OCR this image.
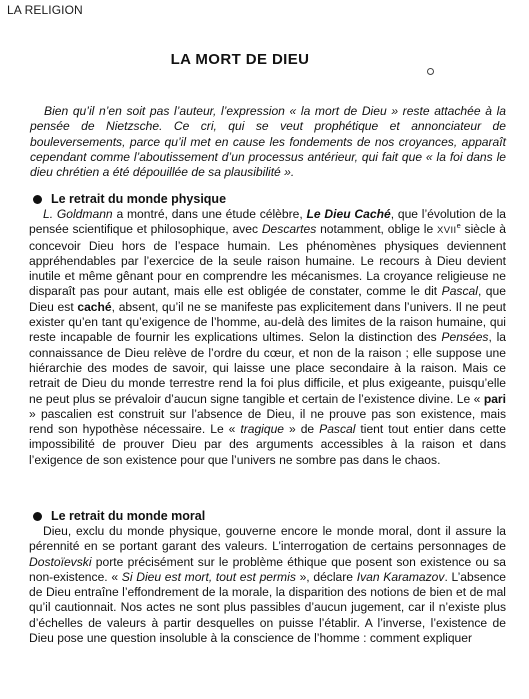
LA RELIGION
LA MORT DE DIEU

Bien qu’il n’en soit pas l’auteur, l’expression « la mort de Dieu » reste attachée à la pensée de Nietzsche. Ce cri, qui se veut prophétique et annonciateur de bouleversements, parce qu’il met en cause les fondements de nos croyances, apparaît cependant comme l’aboutissement d’un processus antérieur, qui fait que « la foi dans le dieu chrétien a été dépouillée de sa plausibilité ».

Le retrait du monde physique

L. Goldmann a montré, dans une étude célèbre, Le Dieu Caché, que l’évolution de la pensée scientifique et philosophique, avec Descartes notamment, oblige le XVIIe siècle à concevoir Dieu hors de l’espace humain. Les phénomènes physiques deviennent appréhendables par l’exercice de la seule raison humaine. Le recours à Dieu devient inutile et même gênant pour en comprendre les mécanismes. La croyance religieuse ne disparaît pas pour autant, mais elle est obligée de constater, comme le dit Pascal, que Dieu est caché, absent, qu’il ne se manifeste pas explicitement dans l’univers. Il ne peut exister qu’en tant qu’exigence de l’homme, au-delà des limites de la raison humaine, qui reste incapable de fournir les explications ultimes. Selon la distinction des Pensées, la connaissance de Dieu relève de l’ordre du cœur, et non de la raison ; elle suppose une hiérarchie des modes de savoir, qui laisse une place secondaire à la raison. Mais ce retrait de Dieu du monde terrestre rend la foi plus difficile, et plus exigeante, puisqu’elle ne peut plus se prévaloir d’aucun signe tangible et certain de l’existence divine. Le « pari » pascalien est construit sur l’absence de Dieu, il ne prouve pas son existence, mais rend son hypothèse nécessaire. Le « tragique » de Pascal tient tout entier dans cette impossibilité de prouver Dieu par des arguments accessibles à la raison et dans l’exigence de son existence pour que l’univers ne sombre pas dans le chaos.

Le retrait du monde moral

Dieu, exclu du monde physique, gouverne encore le monde moral, dont il assure la pérennité en se portant garant des valeurs. L’interrogation de certains personnages de Dostoïevski porte précisément sur le problème éthique que posent son existence ou sa non-existence. « Si Dieu est mort, tout est permis », déclare Ivan Karamazov. L’absence de Dieu entraîne l’effondrement de la morale, la disparition des notions de bien et de mal qu’il cautionnait. Nos actes ne sont plus passibles d’aucun jugement, car il n’existe plus d’échelles de valeurs à partir desquelles on puisse l’établir. A l’inverse, l’existence de Dieu pose une question insoluble à la conscience de l’homme : comment expliquer
